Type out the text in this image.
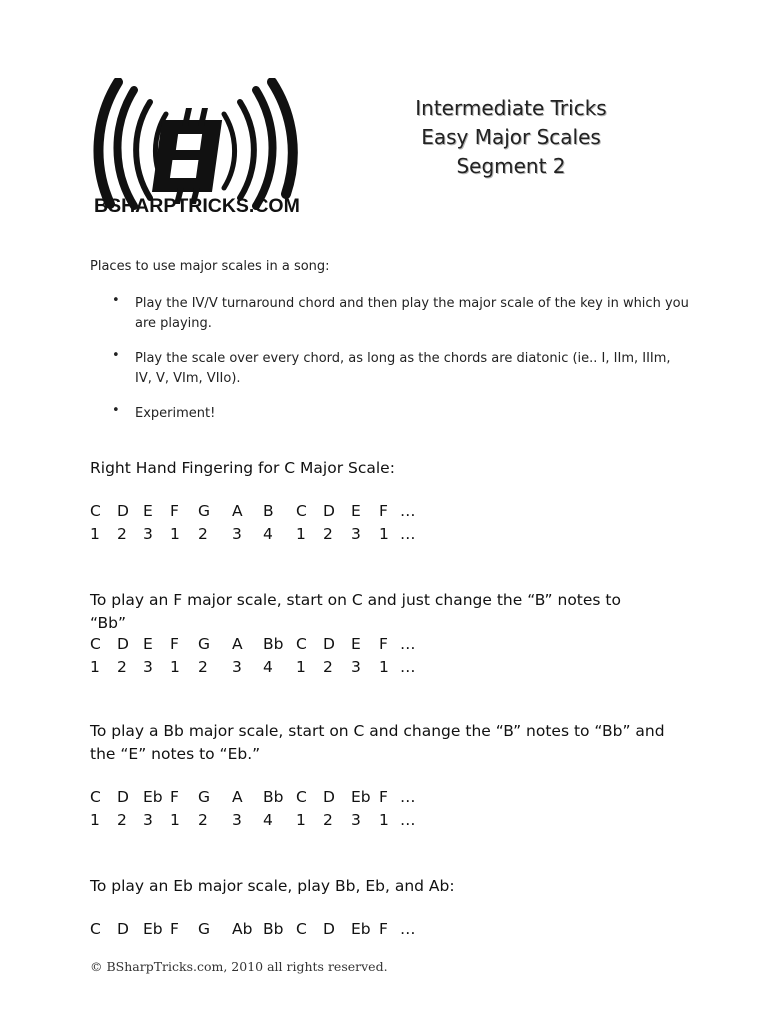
BSHARPTRICKS.COM
Intermediate Tricks
Easy Major Scales
Segment 2
Places to use major scales in a song:
• Play the IV/V turnaround chord and then play the major scale of the key in which you are playing.
• Play the scale over every chord, as long as the chords are diatonic (ie.. I, IIm, IIIm, IV, V, VIm, VIIo).
• Experiment!
Right Hand Fingering for C Major Scale:
C D E F G A B C D E F …
1 2 3 1 2 3 4 1 2 3 1 …
To play an F major scale, start on C and just change the “B” notes to “Bb”
C D E F G A Bb C D E F …
1 2 3 1 2 3 4 1 2 3 1 …
To play a Bb major scale, start on C and change the “B” notes to “Bb” and the “E” notes to “Eb.”
C D Eb F G A Bb C D Eb F …
1 2 3 1 2 3 4 1 2 3 1 …
To play an Eb major scale, play Bb, Eb, and Ab:
C D Eb F G Ab Bb C D Eb F …
© BSharpTricks.com, 2010 all rights reserved.
